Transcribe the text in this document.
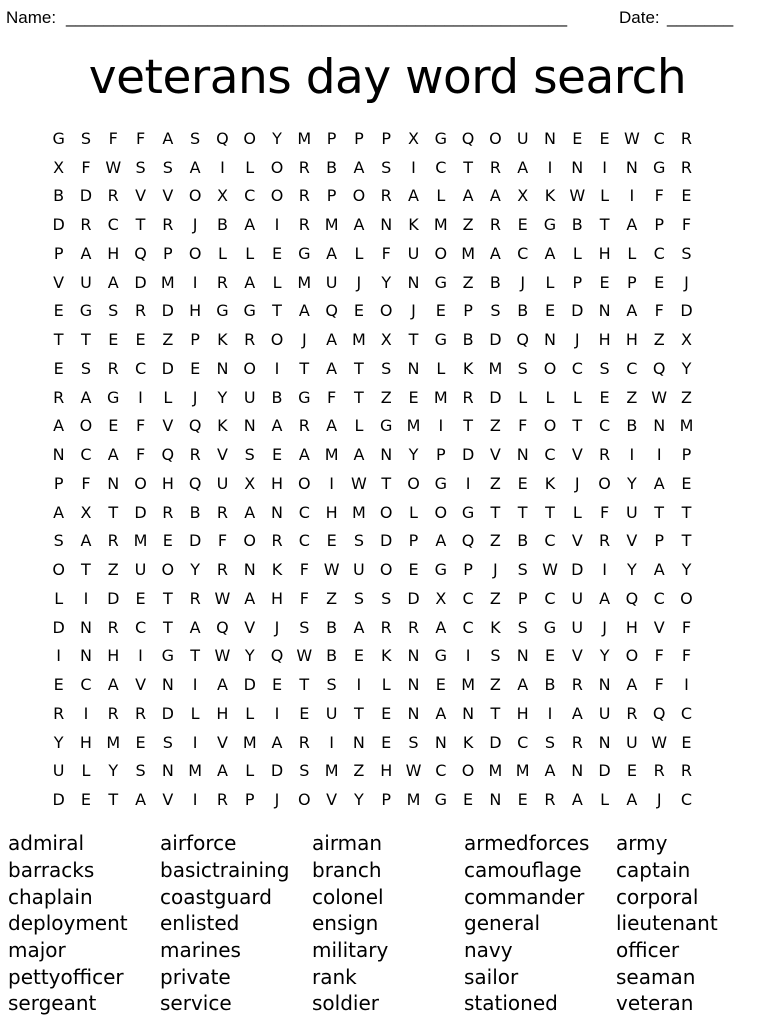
Name: _____________________________________________________	Date: _______
veterans day word search
G	S	F	F	A	S Q O	Y M P	P	P	X G Q O U N	E	E W C	R
X	F W S	S	A	I	L	O R	B	A	S	I	C	T	R	A	I	N	I	N G R
B D R	V	V O X	C O R	P	O R	A	L	A	A	X	K W L	I	F	E
D R	C	T	R	J	B	A	I	R M A N	K M Z	R	E	G B	T	A	P	F
P	A H Q	P	O	L	L	E	G A	L	F	U O M A	C	A	L	H	L	C	S
V U A D M	I	R	A	L M U	J	Y	N G Z	B	J	L	P	E	P	E	J
E	G	S	R D H G G	T	A Q E O	J	E	P	S	B	E	D N A	F	D
T	T	E	E	Z	P	K	R O	J	A M X	T	G B D Q N	J	H H Z	X
E	S	R	C D	E	N O	I	T	A	T	S	N	L	K M S O C	S	C Q	Y
R	A G	I	L	J	Y	U B G	F	T	Z	E M R D	L	L	L	E	Z W Z
A O E	F	V Q K	N A	R	A	L	G M	I	T	Z	F	O	T	C	B N M
N C	A	F	Q R	V	S	E	A M A N	Y	P	D V N C	V	R	I	I	P
P	F	N O H Q U X H O	I	W T	O G	I	Z	E	K	J	O	Y	A	E
A	X	T	D R	B	R	A N C H M O	L	O G	T	T	T	L	F	U	T	T
S	A	R M E	D	F	O R	C	E	S	D	P	A Q Z	B	C	V	R	V	P	T
O	T	Z U O	Y	R N	K	F W U O E	G	P	J	S W D	I	Y	A	Y
L	I	D	E	T	R W A H	F	Z	S	S	D X	C	Z	P	C U A Q C O
D N R	C	T	A Q V	J	S	B	A	R	R	A	C	K	S	G U	J	H V	F
I	N H	I	G	T W Y	Q W B	E	K	N G	I	S	N	E	V	Y	O	F	F
E	C	A	V N	I	A D	E	T	S	I	L	N	E M Z	A	B	R N A	F	I
R	I	R	R D	L	H	L	I	E	U	T	E	N A N	T	H	I	A U R Q C
Y	H M E	S	I	V M A	R	I	N	E	S	N	K D C	S	R N U W E
U	L	Y	S	N M A	L	D	S M Z H W C O M M A N D	E	R	R
D	E	T	A	V	I	R	P	J	O V	Y	P M G	E	N	E	R	A	L	A	J	C
admiral	airforce	airman	armedforces	army
barracks	basictraining	branch	camouflage	captain
chaplain	coastguard	colonel	commander	corporal
deployment	enlisted	ensign	general	lieutenant
major	marines	military	navy	officer
pettyofficer	private	rank	sailor	seaman
sergeant	service	soldier	stationed	veteran
